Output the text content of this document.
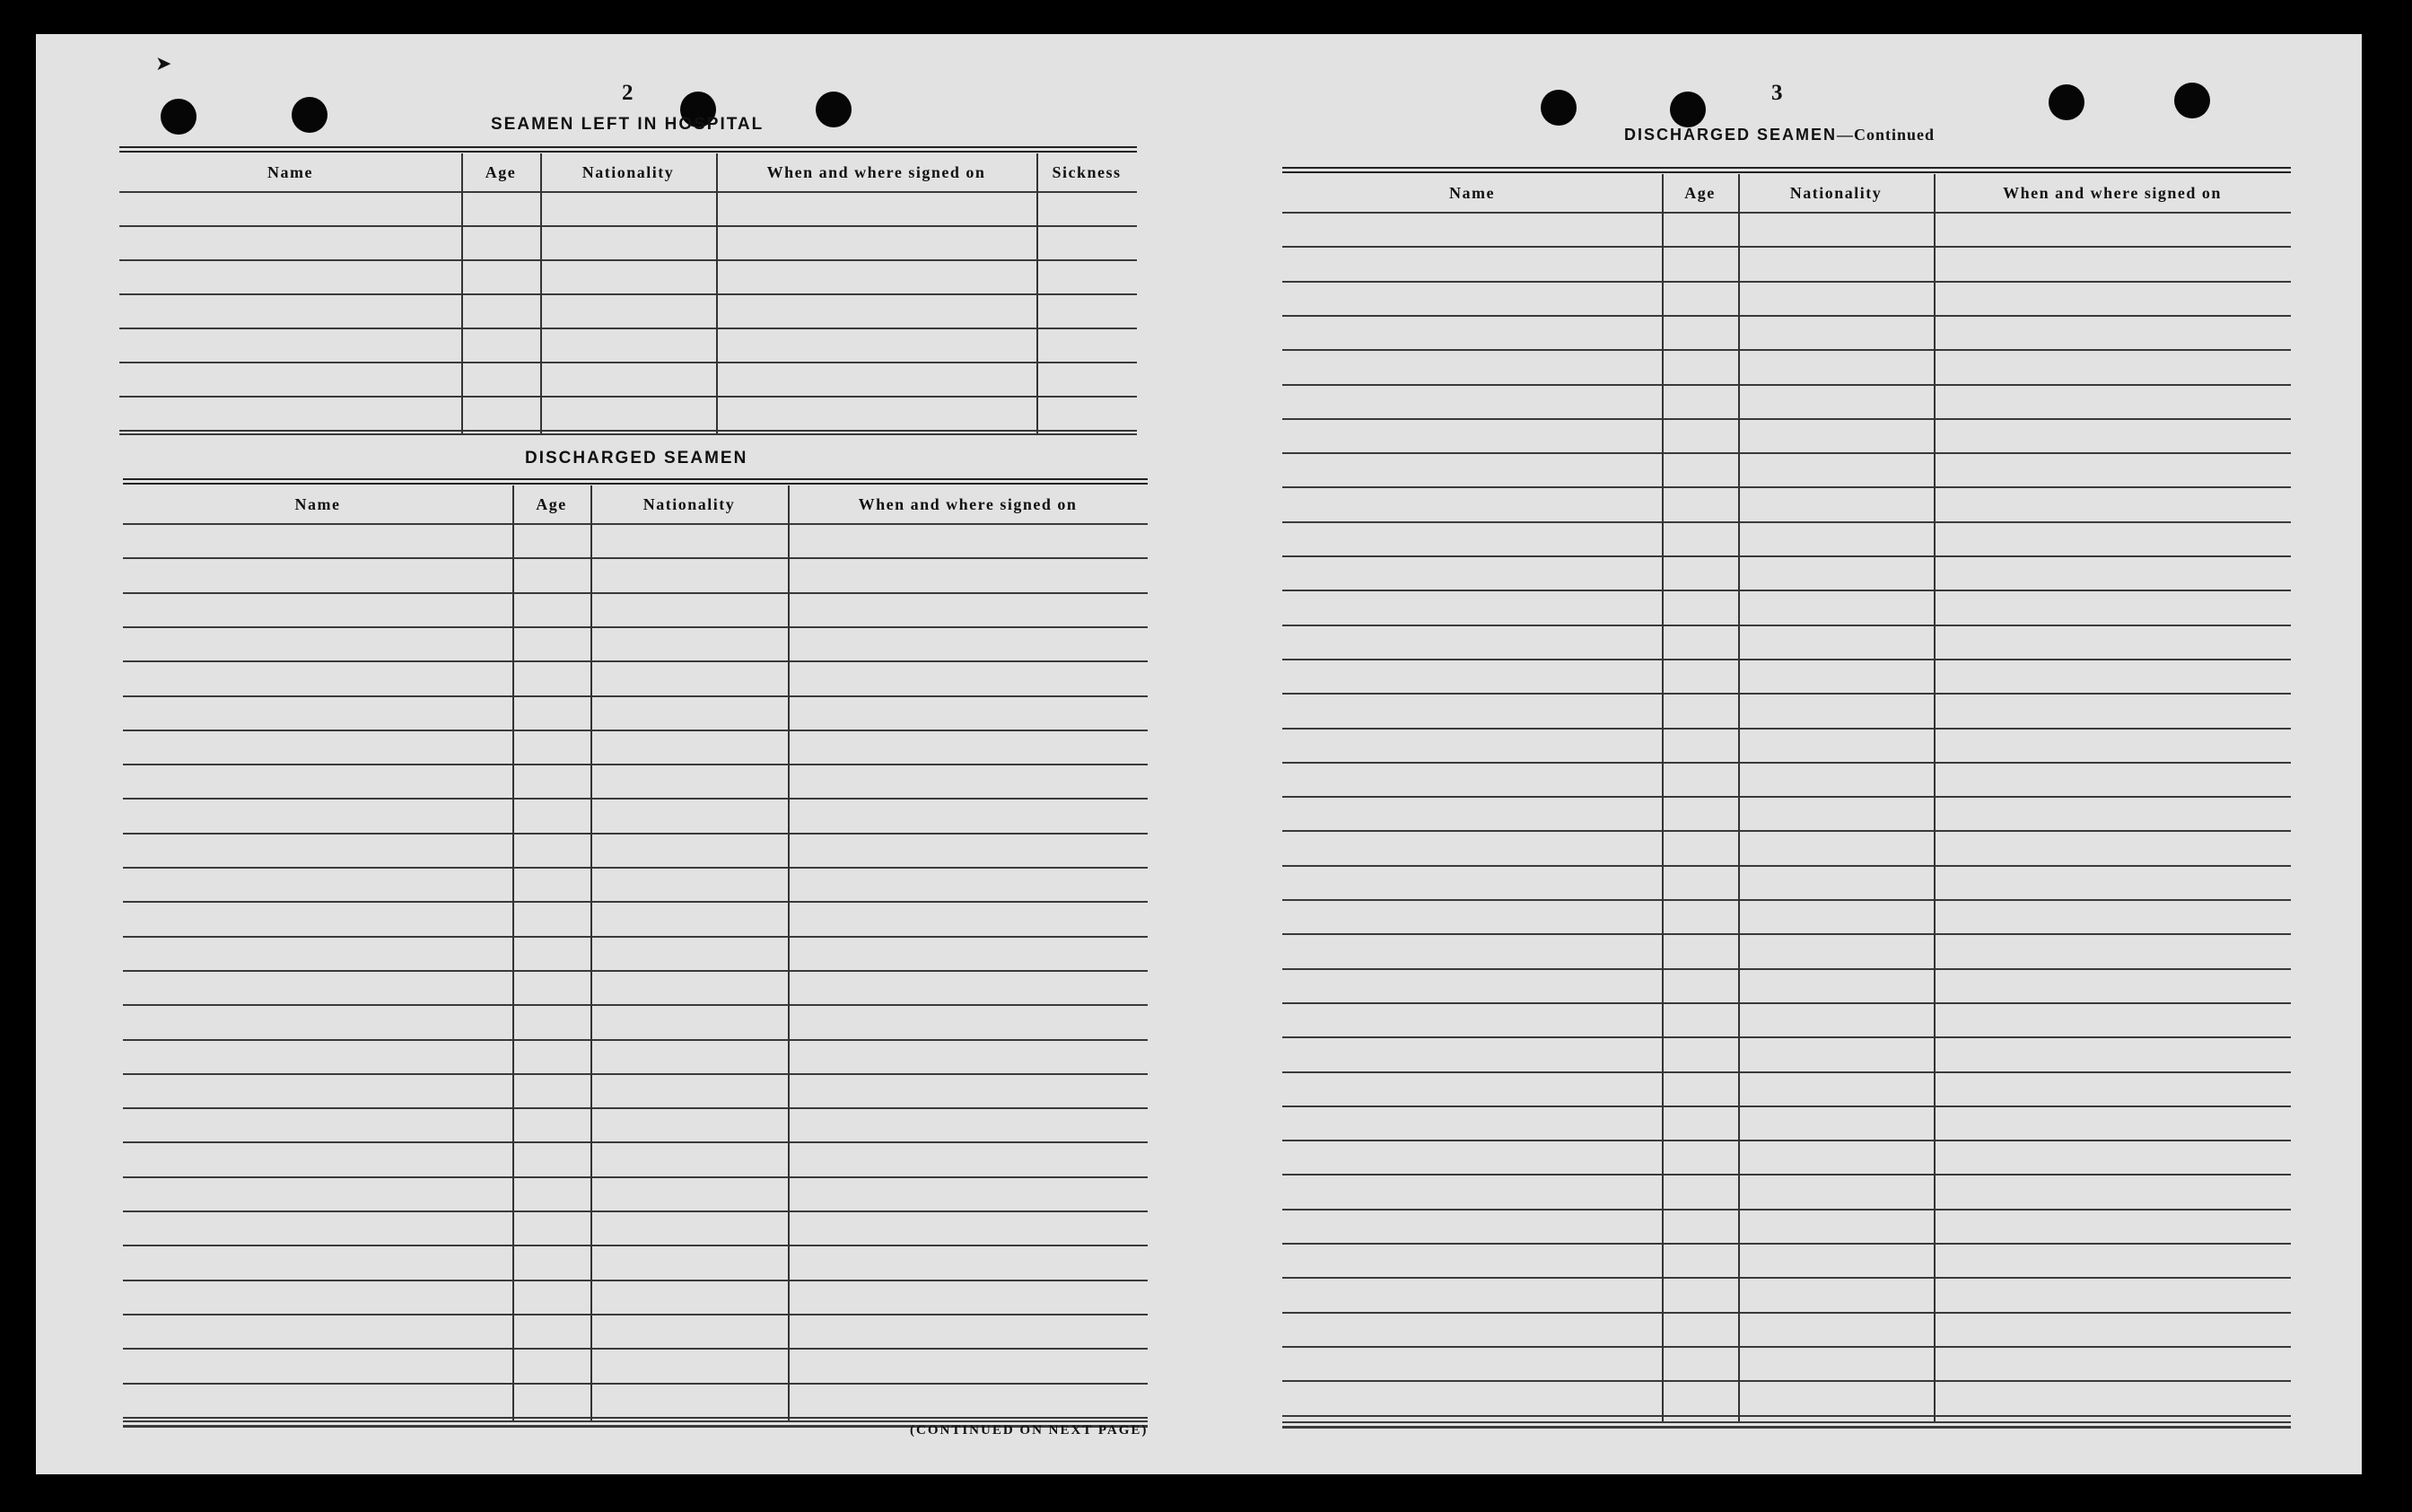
➤
2
SEAMEN LEFT IN HOSPITAL
Name	Age	Nationality	When and where signed on	Sickness
DISCHARGED SEAMEN
Name	Age	Nationality	When and where signed on
(CONTINUED ON NEXT PAGE)
3
DISCHARGED SEAMEN—Continued
Name	Age	Nationality	When and where signed on
